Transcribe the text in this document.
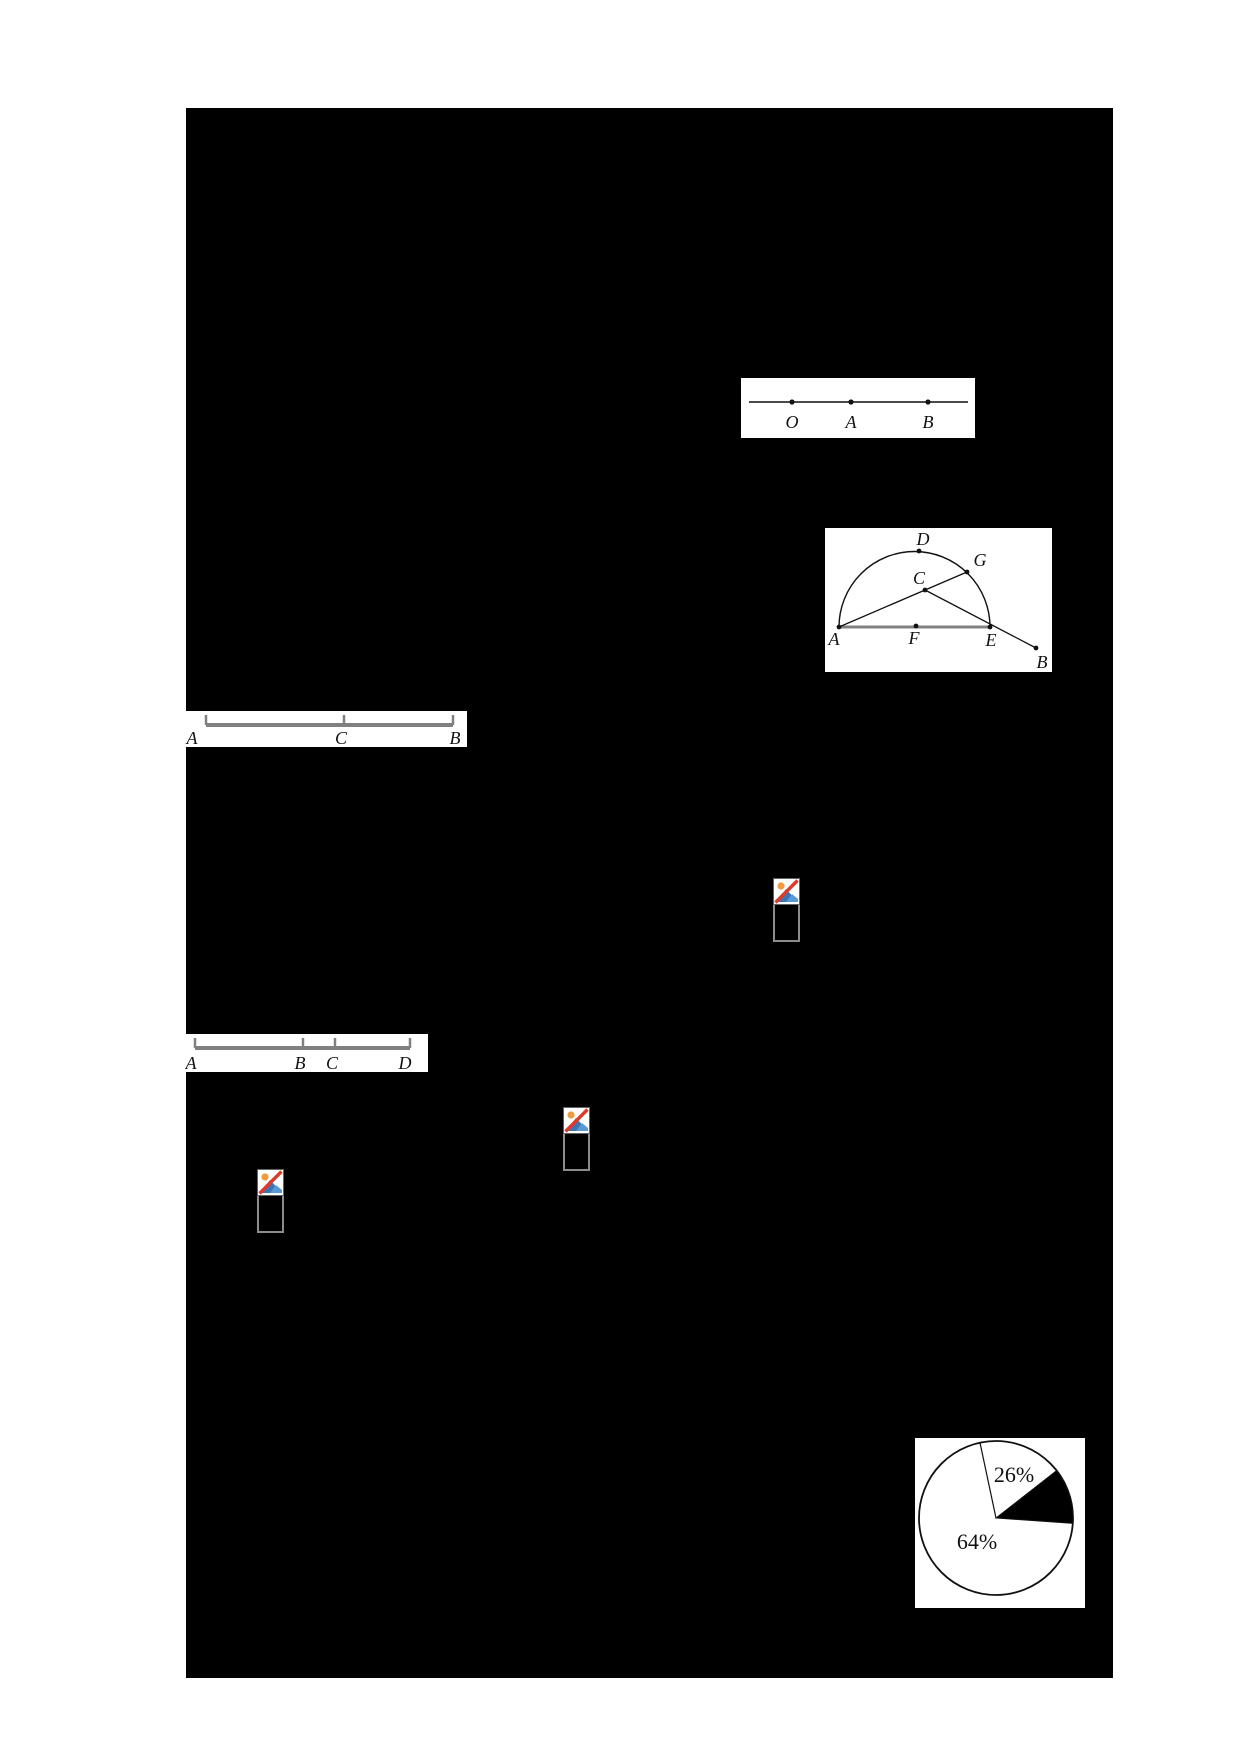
O	A	B
D
G
C
A	F	E
B
A	C	B
A	B C	D
26%
64%
